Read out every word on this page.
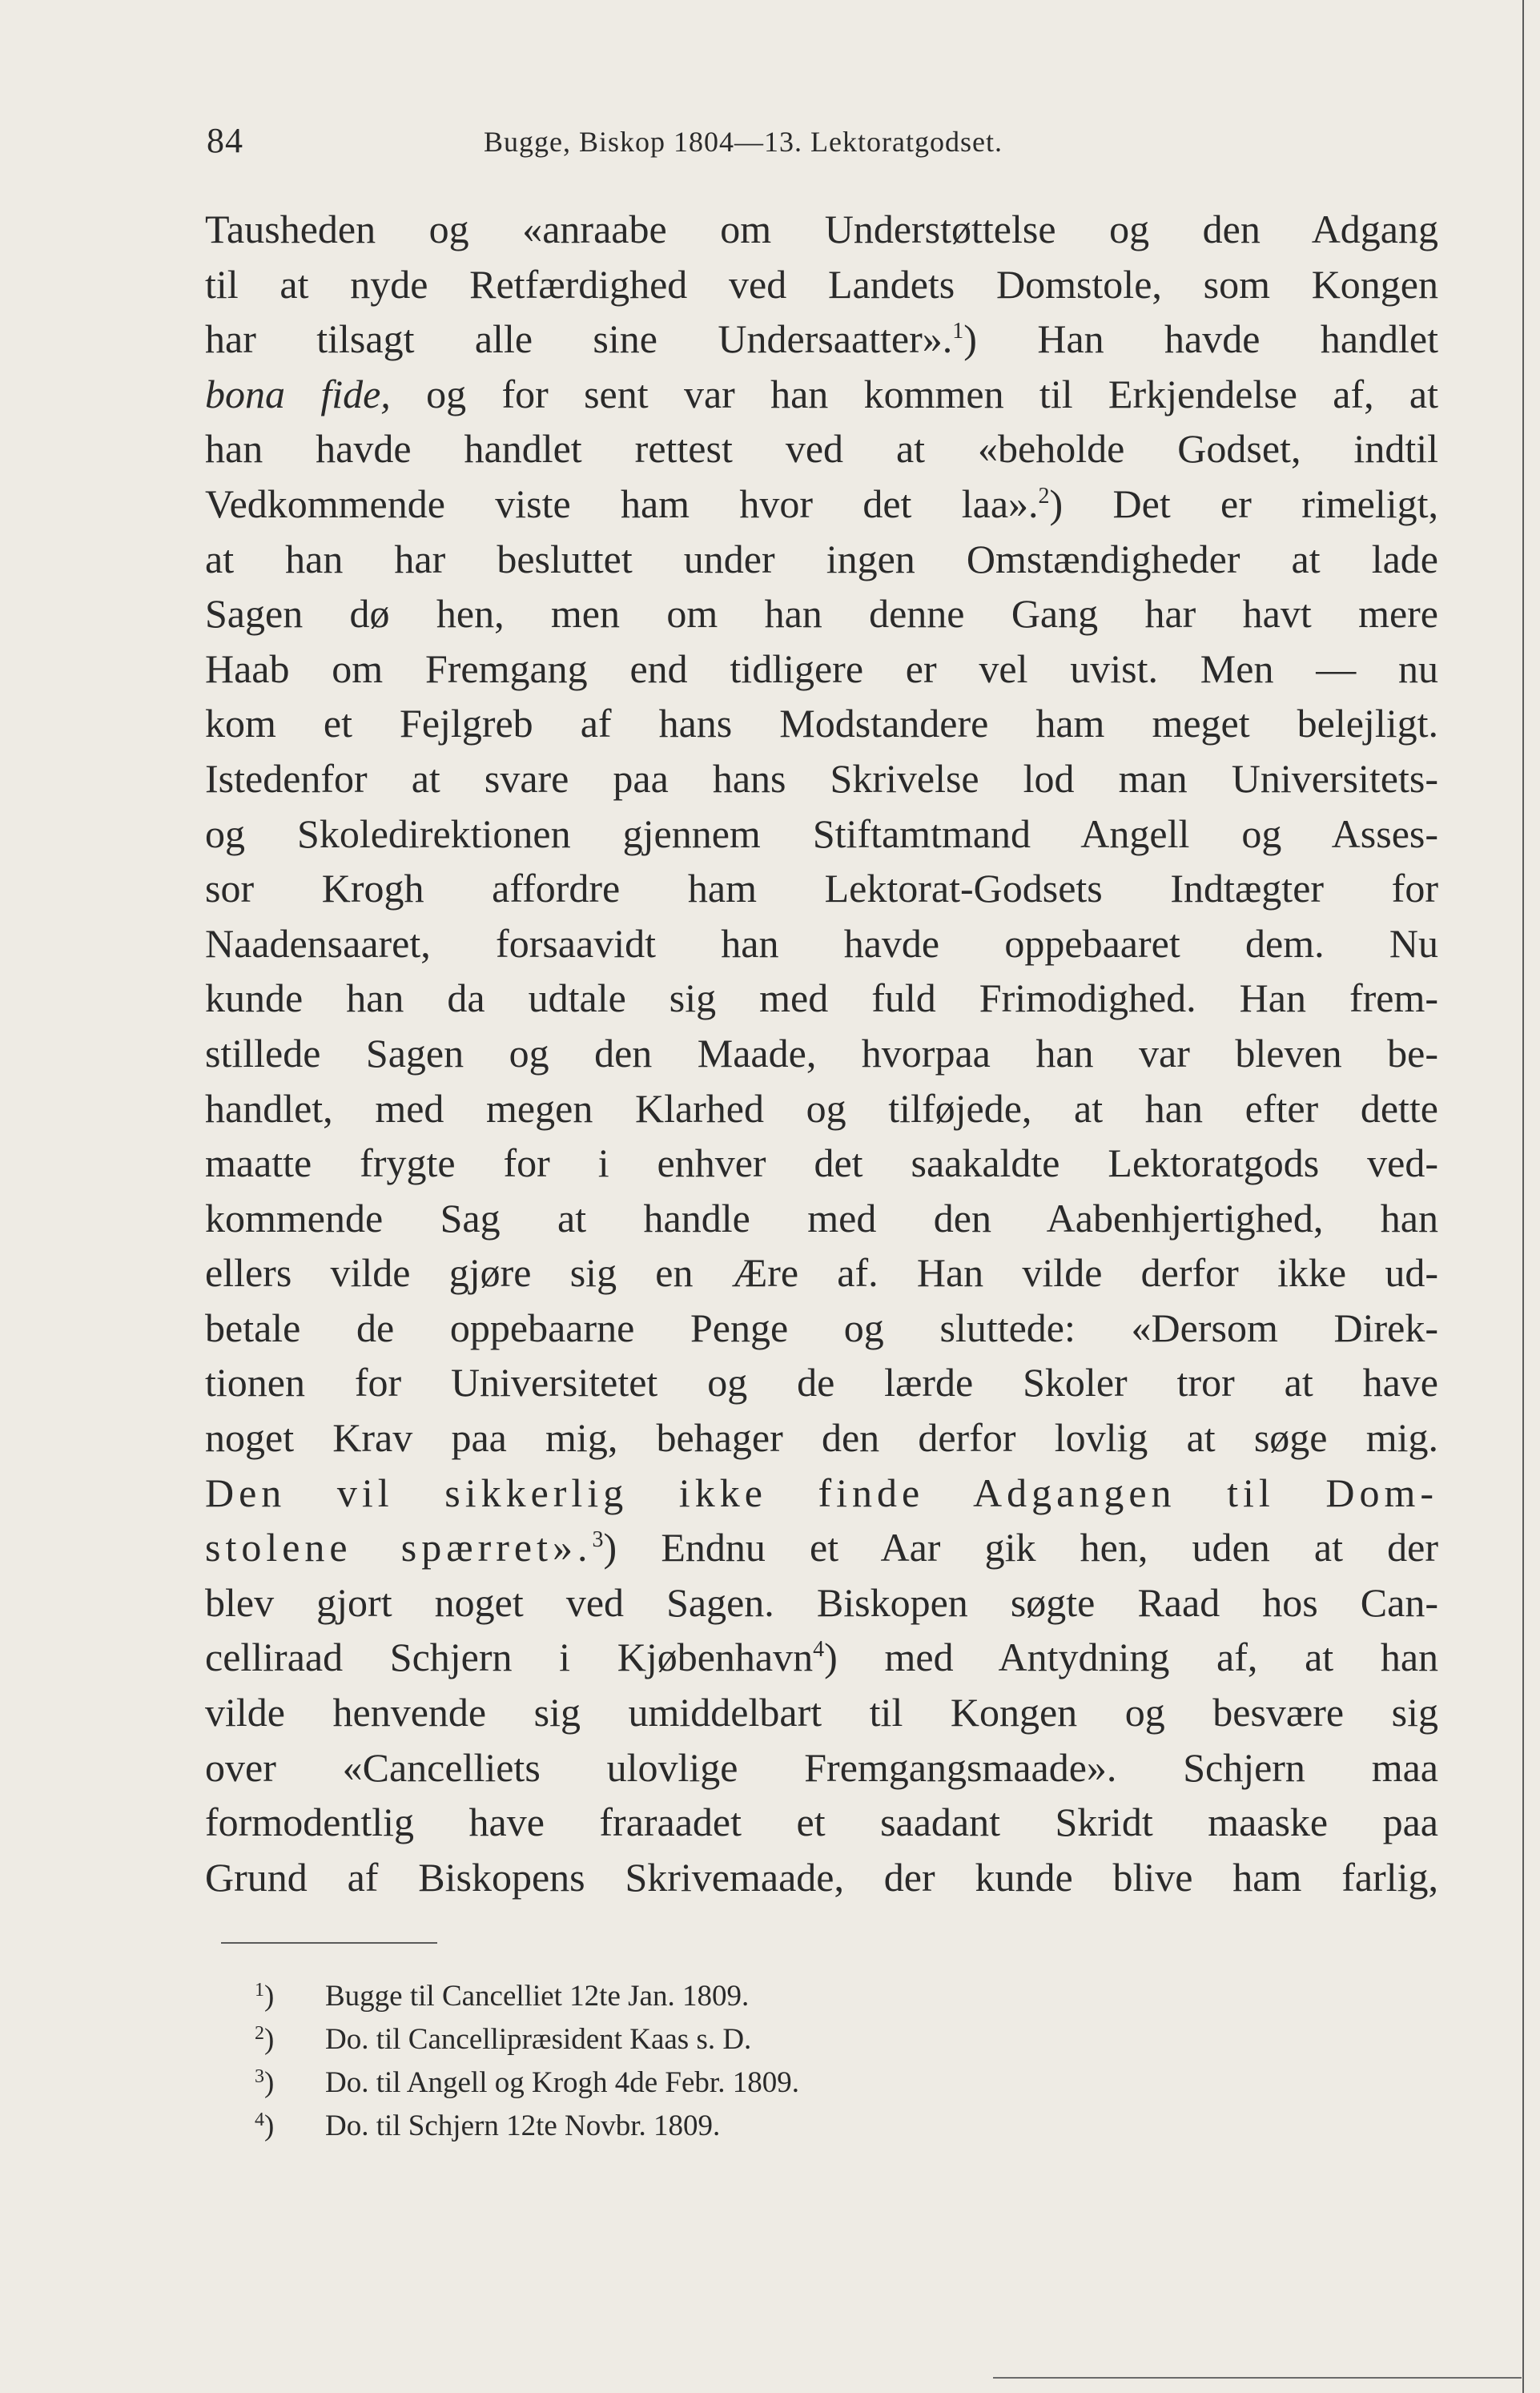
84	Bugge, Biskop 1804—13. Lektoratgodset.
Tausheden og «anraabe om Understøttelse og den Adgang
til at nyde Retfærdighed ved Landets Domstole, som Kongen
har tilsagt alle sine Undersaatter».$^1$) Han havde handlet
bona fide, og for sent var han kommen til Erkjendelse af, at
han havde handlet rettest ved at «beholde Godset, indtil
Vedkommende viste ham hvor det laa».$^2$) Det er rimeligt,
at han har besluttet under ingen Omstændigheder at lade
Sagen dø hen, men om han denne Gang har havt mere
Haab om Fremgang end tidligere er vel uvist. Men — nu
kom et Fejlgreb af hans Modstandere ham meget belejligt.
Istedenfor at svare paa hans Skrivelse lod man Universitets-
og Skoledirektionen gjennem Stiftamtmand Angell og Asses-
sor Krogh affordre ham Lektorat-Godsets Indtægter for
Naadensaaret, forsaavidt han havde oppebaaret dem. Nu
kunde han da udtale sig med fuld Frimodighed. Han frem-
stillede Sagen og den Maade, hvorpaa han var bleven be-
handlet, med megen Klarhed og tilføjede, at han efter dette
maatte frygte for i enhver det saakaldte Lektoratgods ved-
kommende Sag at handle med den Aabenhjertighed, han
ellers vilde gjøre sig en Ære af. Han vilde derfor ikke ud-
betale de oppebaarne Penge og sluttede: «Dersom Direk-
tionen for Universitetet og de lærde Skoler tror at have
noget Krav paa mig, behager den derfor lovlig at søge mig.
Den vil sikkerlig ikke finde Adgangen til Dom-
stolene spærret».$^3$) Endnu et Aar gik hen, uden at der
blev gjort noget ved Sagen. Biskopen søgte Raad hos Can-
celliraad Schjern i Kjøbenhavn$^4$) med Antydning af, at han
vilde henvende sig umiddelbart til Kongen og besvære sig
over «Cancelliets ulovlige Fremgangsmaade». Schjern maa
formodentlig have fraraadet et saadant Skridt maaske paa
Grund af Biskopens Skrivemaade, der kunde blive ham farlig,
$^1$) Bugge til Cancelliet 12te Jan. 1809.
$^2$) Do. til Cancellipræsident Kaas s. D.
$^3$) Do. til Angell og Krogh 4de Febr. 1809.
$^4$) Do. til Schjern 12te Novbr. 1809.
